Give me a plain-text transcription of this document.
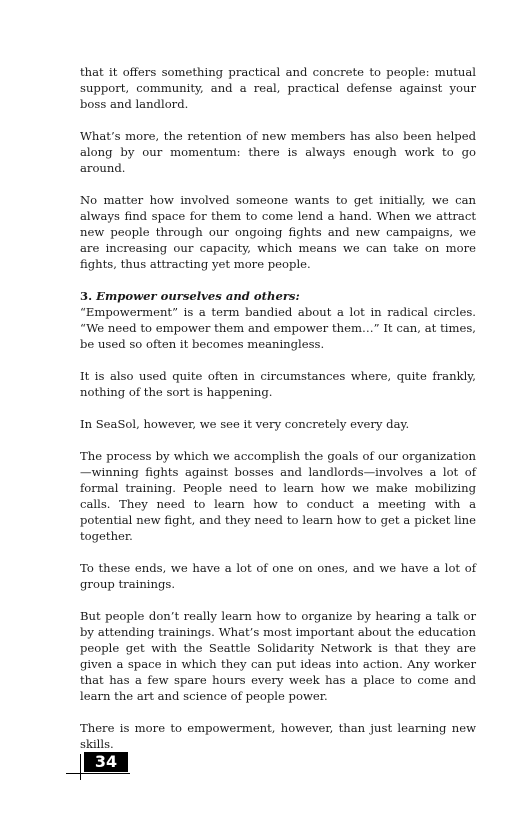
that it offers something practical and concrete to people: mutual support, community, and a real, practical defense against your boss and landlord.

What’s more, the retention of new members has also been helped along by our momentum: there is always enough work to go around.

No matter how involved someone wants to get initially, we can always find space for them to come lend a hand. When we attract new people through our ongoing fights and new campaigns, we are increasing our capacity, which means we can take on more fights, thus attracting yet more people.

3. Empower ourselves and others:

“Empowerment” is a term bandied about a lot in radical circles. “We need to empower them and empower them…” It can, at times, be used so often it becomes meaningless.

It is also used quite often in circumstances where, quite frankly, nothing of the sort is happening.

In SeaSol, however, we see it very concretely every day.

The process by which we accomplish the goals of our organization—winning fights against bosses and landlords—involves a lot of formal training. People need to learn how we make mobilizing calls. They need to learn how to conduct a meeting with a potential new fight, and they need to learn how to get a picket line together.

To these ends, we have a lot of one on ones, and we have a lot of group trainings.

But people don’t really learn how to organize by hearing a talk or by attending trainings. What’s most important about the education people get with the Seattle Solidarity Network is that they are given a space in which they can put ideas into action. Any worker that has a few spare hours every week has a place to come and learn the art and science of people power.

There is more to empowerment, however, than just learning new skills.

34
